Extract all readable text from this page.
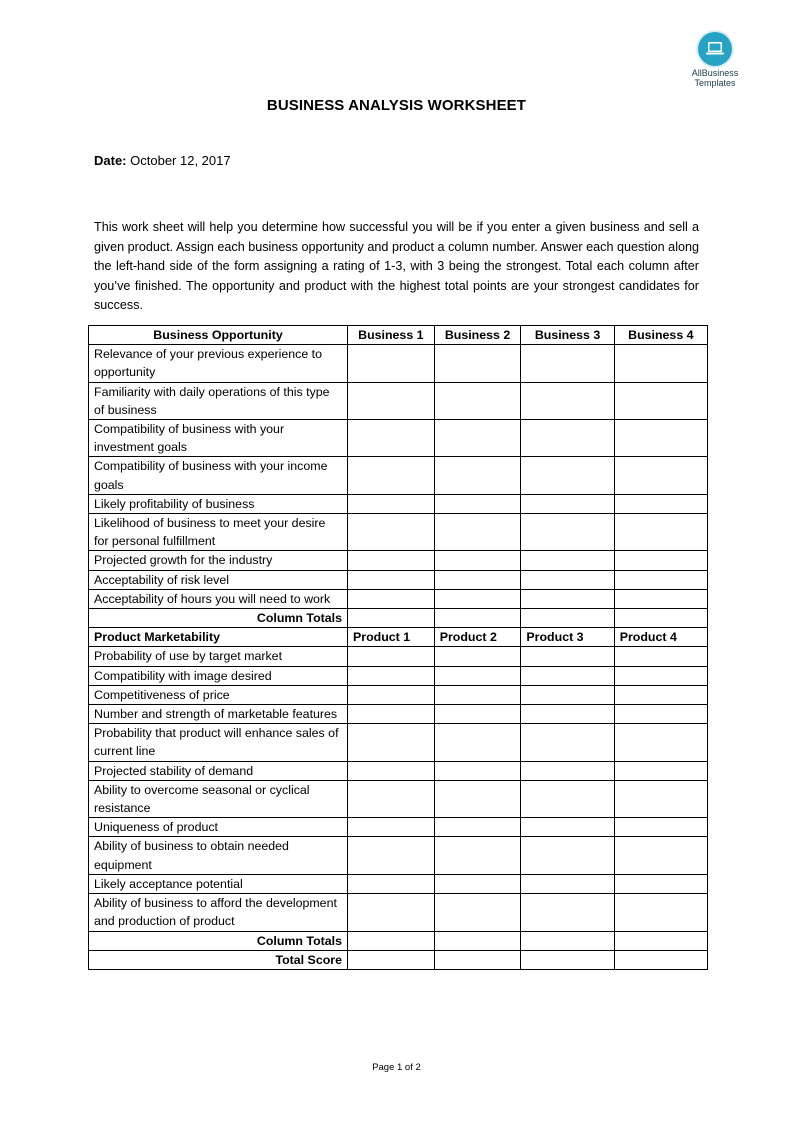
AllBusiness
Templates
BUSINESS ANALYSIS WORKSHEET
Date: October 12, 2017

This work sheet will help you determine how successful you will be if you enter a given business and sell a given product. Assign each business opportunity and product a column number. Answer each question along the left-hand side of the form assigning a rating of 1-3, with 3 being the strongest. Total each column after you’ve finished. The opportunity and product with the highest total points are your strongest candidates for success.

Business Opportunity	Business 1	Business 2	Business 3	Business 4
Relevance of your previous experience to opportunity				
Familiarity with daily operations of this type of business				
Compatibility of business with your investment goals				
Compatibility of business with your income goals				
Likely profitability of business				
Likelihood of business to meet your desire for personal fulfillment				
Projected growth for the industry				
Acceptability of risk level				
Acceptability of hours you will need to work				
Column Totals				
Product Marketability	Product 1	Product 2	Product 3	Product 4
Probability of use by target market				
Compatibility with image desired				
Competitiveness of price				
Number and strength of marketable features				
Probability that product will enhance sales of current line				
Projected stability of demand				
Ability to overcome seasonal or cyclical resistance				
Uniqueness of product				
Ability of business to obtain needed equipment				
Likely acceptance potential				
Ability of business to afford the development and production of product				
Column Totals				
Total Score				
Page 1 of 2
